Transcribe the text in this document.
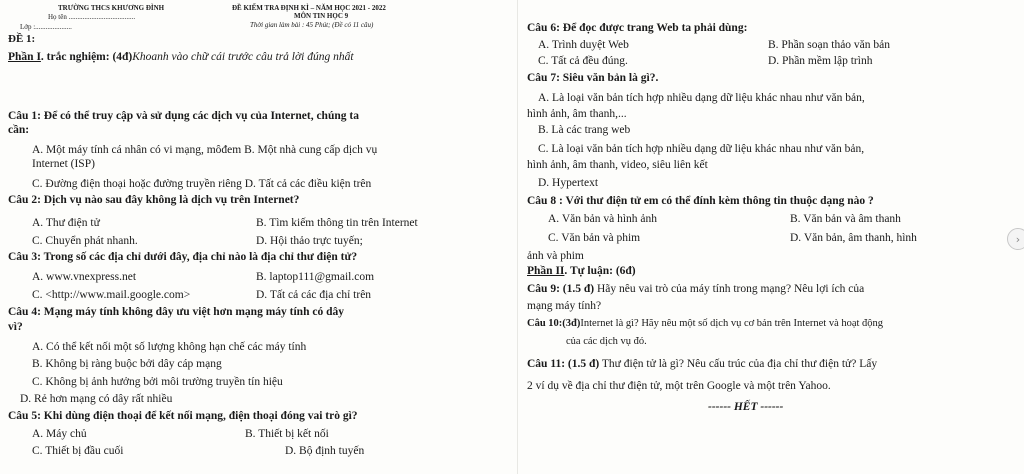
TRƯỜNG THCS KHƯƠNG ĐÌNH
Họ tên ......................................
Lớp :.....................
ĐỀ 1:
ĐỀ KIỂM TRA ĐỊNH KÌ – NĂM HỌC 2021 - 2022
MÔN TIN HỌC 9
Thời gian làm bài : 45 Phút; (Đề có 11 câu)
Phần I. trắc nghiệm: (4đ)Khoanh vào chữ cái trước câu trả lời đúng nhất
Câu 1: Để có thể truy cập và sử dụng các dịch vụ của Internet, chúng ta
cần:
A. Một máy tính cá nhân có vi mạng, môđem B. Một nhà cung cấp dịch vụ
Internet (ISP)
C. Đường điện thoại hoặc đường truyền riêng D. Tất cả các điều kiện trên
Câu 2: Dịch vụ nào sau đây không là dịch vụ trên Internet?
A. Thư điện tử	B. Tìm kiếm thông tin trên Internet
C. Chuyển phát nhanh.	D. Hội thảo trực tuyến;
Câu 3: Trong số các địa chỉ dưới đây, địa chỉ nào là địa chỉ thư điện tử?
A. www.vnexpress.net	B. laptop111@gmail.com
C. <http://www.mail.google.com>	D. Tất cả các địa chỉ trên
Câu 4: Mạng máy tính không dây ưu việt hơn mạng máy tính có dây
vì?
A. Có thể kết nối một số lượng không hạn chế các máy tính
B. Không bị ràng buộc bởi dây cáp mạng
C. Không bị ảnh hưởng bởi môi trường truyền tín hiệu
D. Rẻ hơn mạng có dây rất nhiều
Câu 5: Khi dùng điện thoại để kết nối mạng, điện thoại đóng vai trò gì?
A. Máy chủ	B. Thiết bị kết nối
C. Thiết bị đầu cuối	D. Bộ định tuyến
Câu 6: Để đọc được trang Web ta phải dùng:
A. Trình duyệt Web	B. Phần soạn thảo văn bản
C. Tất cả đều đúng.	D. Phần mềm lập trình
Câu 7: Siêu văn bản là gì?.
A. Là loại văn bản tích hợp nhiều dạng dữ liệu khác nhau như văn bản,
hình ảnh, âm thanh,...
B. Là các trang web
C. Là loại văn bản tích hợp nhiều dạng dữ liệu khác nhau như văn bản,
hình ảnh, âm thanh, video, siêu liên kết
D. Hypertext
Câu 8 : Với thư điện tử em có thể đính kèm thông tin thuộc dạng nào ?
A. Văn bản và hình ảnh	B. Văn bản và âm thanh
C. Văn bản và phim	D. Văn bản, âm thanh, hình
ảnh và phim
Phần II. Tự luận: (6đ)
Câu 9: (1.5 đ) Hãy nêu vai trò của máy tính trong mạng? Nêu lợi ích của
mạng máy tính?
Câu 10:(3đ)Internet là gì? Hãy nêu một số dịch vụ cơ bản trên Internet và hoạt động
của các dịch vụ đó.
Câu 11: (1.5 đ) Thư điện tử là gì? Nêu cấu trúc của địa chỉ thư điện tử? Lấy
2 ví dụ về địa chỉ thư điện tử, một trên Google và một trên Yahoo.
------ HẾT ------
›
